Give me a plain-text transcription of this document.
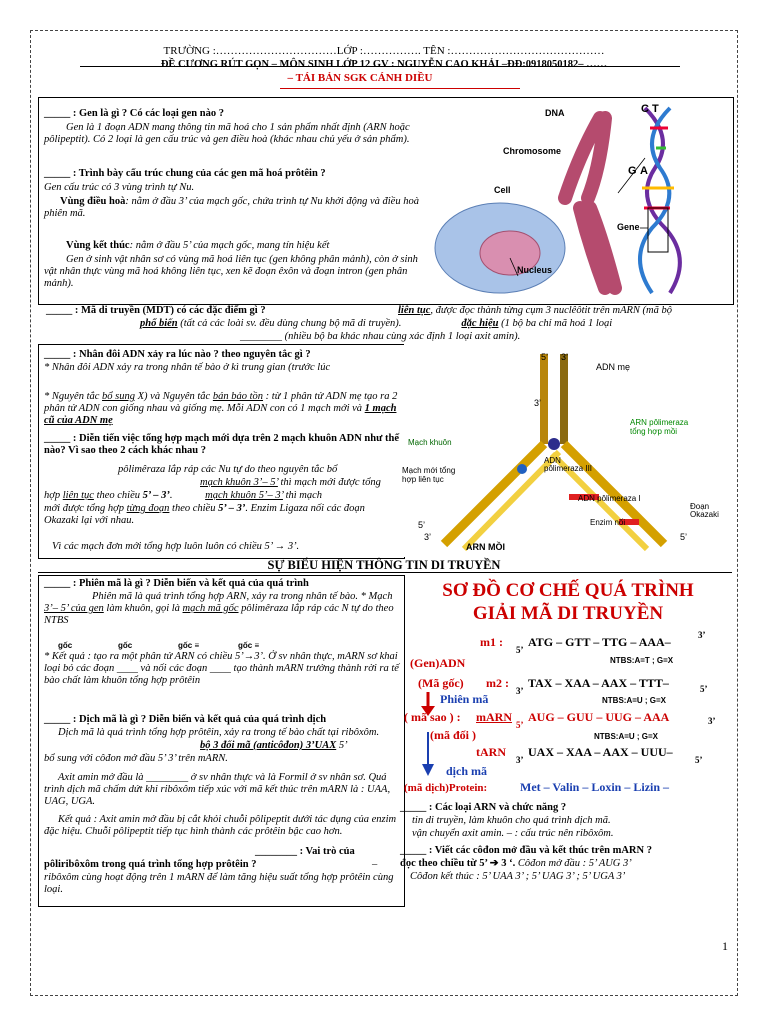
TRƯỜNG :……………………………LỚP :……………. TÊN :……………………………………
ĐỀ CƯƠNG RÚT GỌN – MÔN SINH LỚP 12 GV : NGUYỄN CAO KHẢI –ĐĐ:0918050182– ……
– TÁI BẢN SGK CÁNH DIỀU
_____ : Gen là gì ? Có các loại gen nào ?
Gen là 1 đoạn ADN mang thông tin mã hoá cho 1 sản phẩm nhất định (ARN hoặc pôlipeptit). Có 2 loại là gen cấu trúc và gen điều hoà (khác nhau chủ yếu ở sản phẩm).
_____ : Trình bày cấu trúc chung của các gen mã hoá prôtêin ?
Gen cấu trúc có 3 vùng trình tự Nu.
Vùng điều hoà: nằm ở đầu 3’ của mạch gốc, chứa trình tự Nu khởi động và điều hoà phiên mã.
Vùng kết thúc: nằm ở đầu 5’ của mạch gốc, mang tín hiệu kết
Gen ở sinh vật nhân sơ có vùng mã hoá liên tục (gen không phân mảnh), còn ở sinh vật nhân thực vùng mã hoá không liên tục, xen kẽ đoạn êxôn và đoạn intron (gen phân mảnh).
DNA
Chromosome
Cell
Gene
Nucleus
C T
G A
_____ : Mã di truyền (MDT) có các đặc điểm gì ?	liên tục, được đọc thành từng cụm 3 nuclêôtit trên mARN (mã bộ
phổ biến (tất cả các loài sv. đều dùng chung bộ mã di truyền).	đặc hiệu (1 bộ ba chỉ mã hoá 1 loại
________ (nhiều bộ ba khác nhau cùng xác định 1 loại axit amin).
_____ : Nhân đôi ADN xảy ra lúc nào ? theo nguyên tắc gì ?
* Nhân đôi ADN xảy ra trong nhân tế bào ở kì trung gian (trước lúc
* Nguyên tắc bổ sung X) và Nguyên tắc bán bảo tồn : từ 1 phân tử ADN mẹ tạo ra 2 phân tử ADN con giống nhau và giống mẹ. Mỗi ADN con có 1 mạch mới và 1 mạch cũ của ADN mẹ
_____ : Diễn tiến việc tổng hợp mạch mới dựa trên 2 mạch khuôn ADN như thế nào? Vì sao theo 2 cách khác nhau ?
pôlimêraza lắp ráp các Nu tự do theo nguyên tắc bổ
mạch khuôn 3’– 5’ thì mạch mới được tổng
hợp liên tục theo chiều 5’ – 3’.	mạch khuôn 5’– 3’ thì mạch
mới được tổng hợp từng đoạn theo chiều 5’ – 3’. Enzim Ligaza nối các đoạn Okazaki lại với nhau.
Vì các mạch đơn mới tổng hợp luôn luôn có chiều 5’ → 3’.
5’ 3’
ADN mẹ
ARN pôlimeraza
tổng hợp mồi
Mạch khuôn
ADN
pôlimeraza III
Mạch mới tổng
hợp liên tục
ADN pôlimeraza I
Đoạn
Okazaki
Enzim nối
3’
5’
3’	5’
ARN MỒI
SỰ BIỂU HIỆN THÔNG TIN DI TRUYỀN
_____ : Phiên mã là gì ? Diễn biến và kết quả của quá trình
Phiên mã là quá trình tổng hợp ARN, xảy ra trong nhân tế bào. * Mạch 3’– 5’ của gen làm khuôn, gọi là mạch mã gốc pôlimêraza lắp ráp các N tự do theo NTBS
gốc	gốc	gốc ≡	gốc ≡
* Kết quả : tạo ra một phân tử ARN có chiều 5’→3’. Ở sv nhân thực, mARN sơ khai loại bỏ các đoạn ____ và nối các đoạn ____ tạo thành mARN trưởng thành rời ra tế bào chất làm khuôn tổng hợp prôtêin
_____ : Dịch mã là gì ? Diễn biến và kết quả của quá trình dịch
Dịch mã là quá trình tổng hợp prôtêin, xảy ra trong tế bào chất tại ribôxôm.
bộ 3 đối mã (anticôđon) 3’UAX 5’
bổ sung với côđon mở đầu 5’ 3’ trên mARN.
Axit amin mở đầu là ________ ở sv nhân thực và là Formil ở sv nhân sơ. Quá trình dịch mã chấm dứt khi ribôxôm tiếp xúc với mã kết thúc trên mARN là : UAA, UAG, UGA.
Kết quả : Axit amin mở đầu bị cắt khỏi chuỗi pôlipeptit dưới tác dụng của enzim đặc hiệu. Chuỗi pôlipeptit tiếp tục hình thành các prôtêin bậc cao hơn.
________ : Vai trò của
pôliribôxôm trong quá trình tổng hợp prôtêin ?	–
ribôxôm cùng hoạt động trên 1 mARN để làm tăng hiệu suất tổng hợp prôtêin cùng loại.
SƠ ĐỒ CƠ CHẾ QUÁ TRÌNH
GIẢI MÃ DI TRUYỀN
m1 :
5’
ATG – GTT – TTG – AAA–	3’
(Gen)ADN	NTBS:A=T ; G=X
(Mã gốc) m2 :
3’
TAX – XAA – AAX – TTT–	5’
Phiên mã	NTBS:A=U ; G=X
( mã sao ) : mARN
5’
AUG – GUU – UUG – AAA	3’
(mã đối )	NTBS:A=U ; G=X
tARN
3’
UAX – XAA – AAX – UUU–
5’
dịch mã
(mã dịch)Protein:	Met – Valin – Loxin – Lizin –
_____ : Các loại ARN và chức năng ?
tin di truyền, làm khuôn cho quá trình dịch mã.
vận chuyển axit amin. – : cấu trúc nên ribôxôm.
_____ : Viết các côđon mở đầu và kết thúc trên mARN ?
đọc theo chiều từ 5’ ➔ 3 ‘. Côđon mở đầu : 5’ AUG 3’
Côđon kết thúc : 5’ UAA 3’ ; 5’ UAG 3’ ; 5’ UGA 3’
1
